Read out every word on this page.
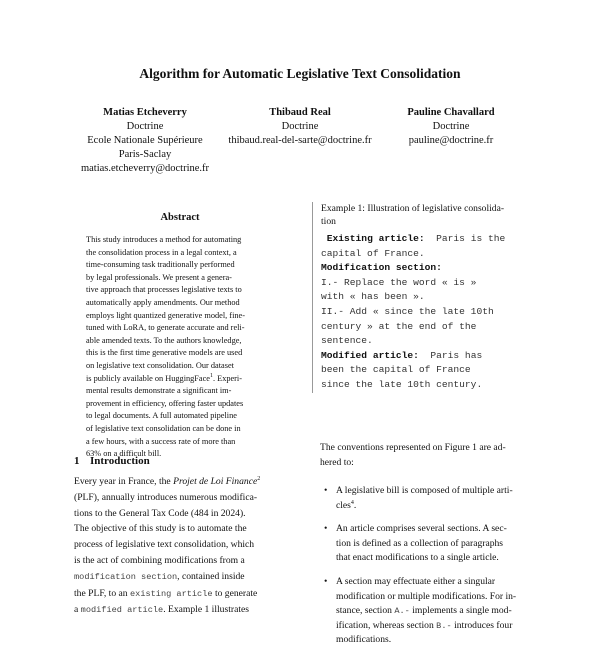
Algorithm for Automatic Legislative Text Consolidation
Matias Etcheverry
Doctrine
Ecole Nationale Supérieure
Paris-Saclay
matias.etcheverry@doctrine.fr
Thibaud Real
Doctrine
thibaud.real-del-sarte@doctrine.fr
Pauline Chavallard
Doctrine
pauline@doctrine.fr
Abstract
This study introduces a method for automating
the consolidation process in a legal context, a
time-consuming task traditionally performed
by legal professionals. We present a genera-
tive approach that processes legislative texts to
automatically apply amendments. Our method
employs light quantized generative model, fine-
tuned with LoRA, to generate accurate and reli-
able amended texts. To the authors knowledge,
this is the first time generative models are used
on legislative text consolidation. Our dataset
is publicly available on HuggingFace$^1$. Experi-
mental results demonstrate a significant im-
provement in efficiency, offering faster updates
to legal documents. A full automated pipeline
of legislative text consolidation can be done in
a few hours, with a success rate of more than
63% on a difficult bill.
1 Introduction
Every year in France, the Projet de Loi Finance$^2$
(PLF), annually introduces numerous modifica-
tions to the General Tax Code (484 in 2024).
The objective of this study is to automate the
process of legislative text consolidation, which
is the act of combining modifications from a
modification section, contained inside
the PLF, to an existing article to generate
a modified article. Example 1 illustrates
Example 1: Illustration of legislative consolida-
tion
Existing article: Paris is the
capital of France.
Modification section:
I.- Replace the word « is »
with « has been ».
II.- Add « since the late 10th
century » at the end of the
sentence.
Modified article: Paris has
been the capital of France
since the late 10th century.
The conventions represented on Figure 1 are ad-
hered to:
• A legislative bill is composed of multiple arti-
cles$^4$.
• An article comprises several sections. A sec-
tion is defined as a collection of paragraphs
that enact modifications to a single article.
• A section may effectuate either a singular
modification or multiple modifications. For in-
stance, section A.- implements a single mod-
ification, whereas section B.- introduces four
modifications.
